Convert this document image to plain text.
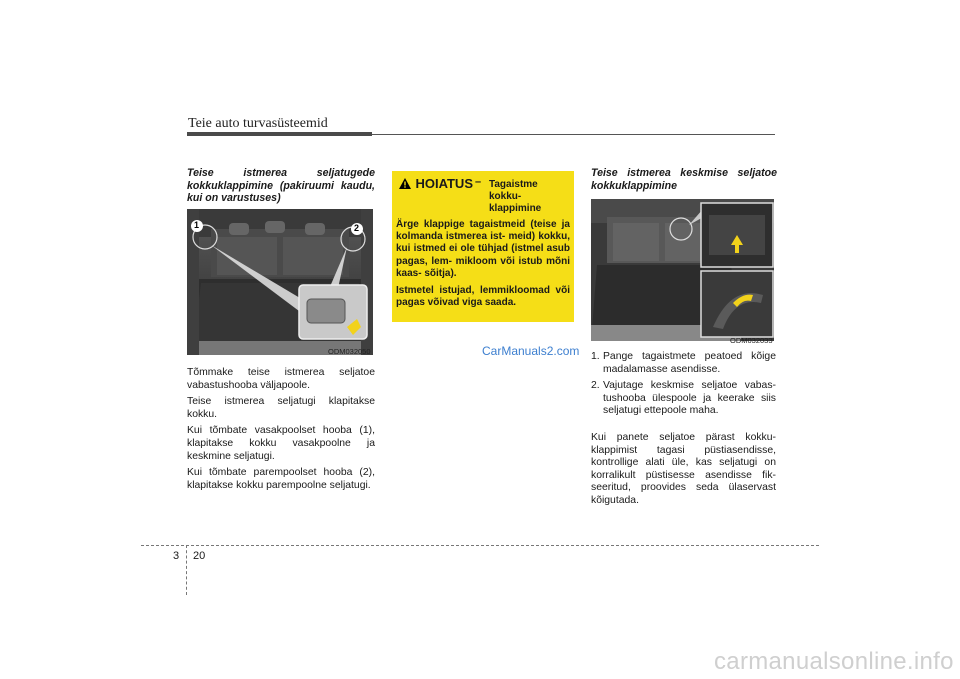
Teie auto turvasüsteemid

Teise istmerea seljatugede kokkuklappimine (pakiruumi kaudu, kui on varustuses)

1	2
ODM032050

Tõmmake teise istmerea seljatoe vabastushooba väljapoole.

Teise istmerea seljatugi klapitakse kokku.

Kui tõmbate vasakpoolset hooba (1), klapitakse kokku vasakpoolne ja keskmine seljatugi.

Kui tõmbate parempoolset hooba (2), klapitakse kokku parempoolne seljatugi.

$^{HOIATUS}$ – Tagaistme kokku- klappimine

Ärge klappige tagaistmeid (teise ja kolmanda istmerea ist- meid) kokku, kui istmed ei ole tühjad (istmel asub pagas, lem- mikloom või istub mõni kaas- sõitja).

Istmetel istujad, lemmikloomad või pagas võivad viga saada.

CarManuals2.com

Teise istmerea keskmise seljatoe kokkuklappimine

ODM032033
1. Pange tagaistmete peatoed kõige madalamasse asendisse.
2. Vajutage keskmise seljatoe vabas- tushooba ülespoole ja keerake siis seljatugi ettepoole maha.

Kui panete seljatoe pärast kokku- klappimist tagasi püstiasendisse, kontrollige alati üle, kas seljatugi on korralikult püstisesse asendisse fik- seeritud, proovides seda ülaservast kõigutada.

3 20
carmanualsonline.info
